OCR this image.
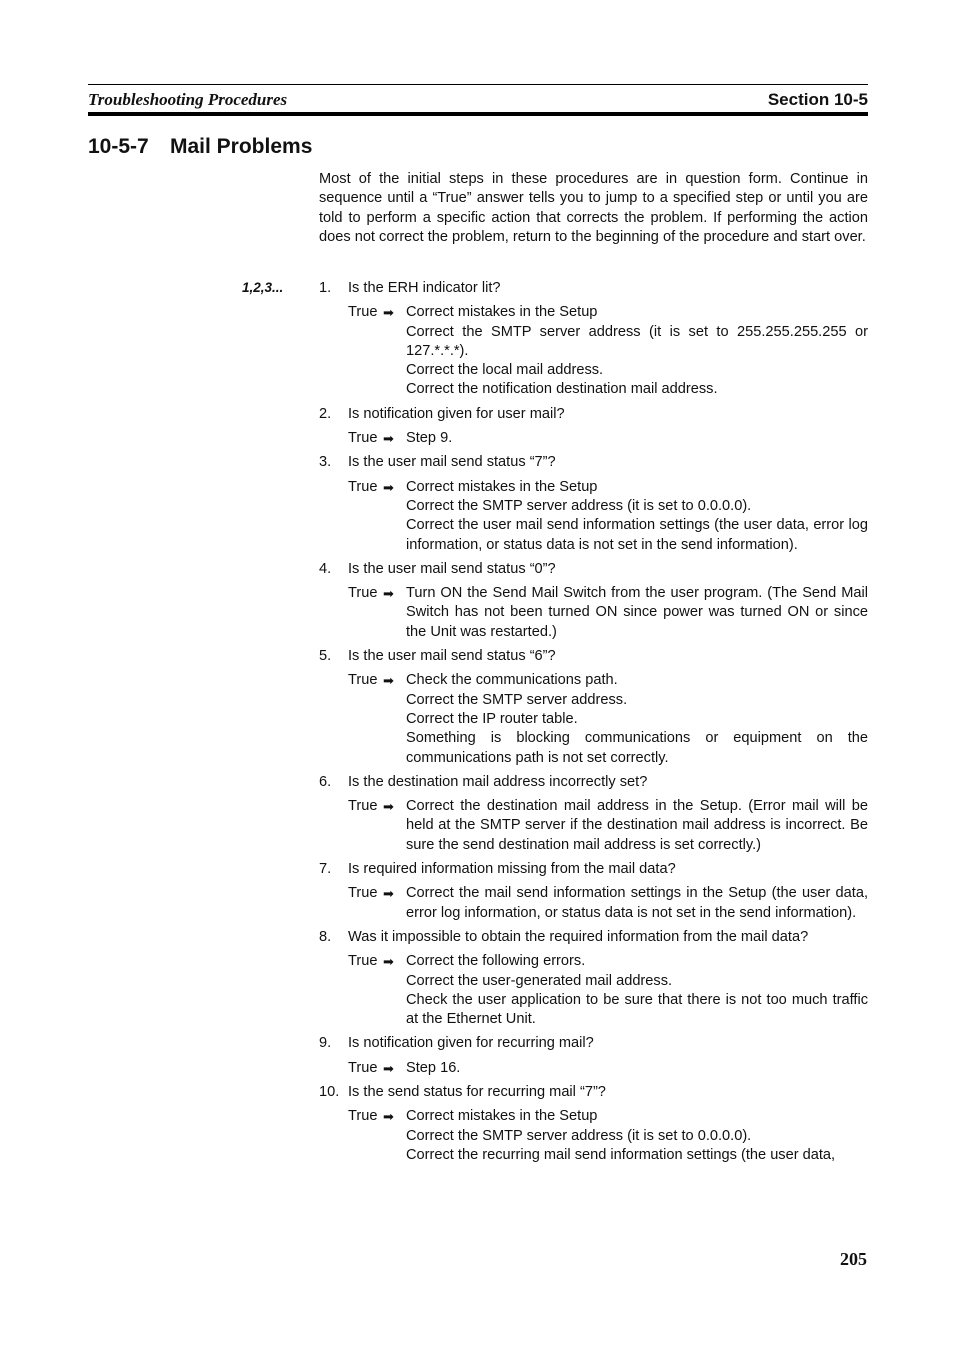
Troubleshooting Procedures	Section 10-5
10-5-7 Mail Problems

Most of the initial steps in these procedures are in question form. Continue in sequence until a “True” answer tells you to jump to a specified step or until you are told to perform a specific action that corrects the problem. If performing the action does not correct the problem, return to the beginning of the procedure and start over.

1,2,3... 1.	Is the ERH indicator lit?
True ➡ Correct mistakes in the Setup
Correct the SMTP server address (it is set to 255.255.255.255 or 127.*.*.*).
Correct the local mail address.
Correct the notification destination mail address.
2.	Is notification given for user mail?
True ➡ Step 9.
3.	Is the user mail send status “7”?
True ➡ Correct mistakes in the Setup
Correct the SMTP server address (it is set to 0.0.0.0).
Correct the user mail send information settings (the user data, error log information, or status data is not set in the send information).
4.	Is the user mail send status “0”?
True ➡ Turn ON the Send Mail Switch from the user program. (The Send Mail Switch has not been turned ON since power was turned ON or since the Unit was restarted.)
5.	Is the user mail send status “6”?
True ➡ Check the communications path.
Correct the SMTP server address.
Correct the IP router table.
Something is blocking communications or equipment on the communications path is not set correctly.
6.	Is the destination mail address incorrectly set?
True ➡ Correct the destination mail address in the Setup. (Error mail will be held at the SMTP server if the destination mail address is incorrect. Be sure the send destination mail address is set correctly.)
7.	Is required information missing from the mail data?
True ➡ Correct the mail send information settings in the Setup (the user data, error log information, or status data is not set in the send information).
8.	Was it impossible to obtain the required information from the mail data?
True ➡ Correct the following errors.
Correct the user-generated mail address.
Check the user application to be sure that there is not too much traffic at the Ethernet Unit.
9.	Is notification given for recurring mail?
True ➡ Step 16.
10. Is the send status for recurring mail “7”?
True ➡ Correct mistakes in the Setup
Correct the SMTP server address (it is set to 0.0.0.0).
Correct the recurring mail send information settings (the user data,
205
